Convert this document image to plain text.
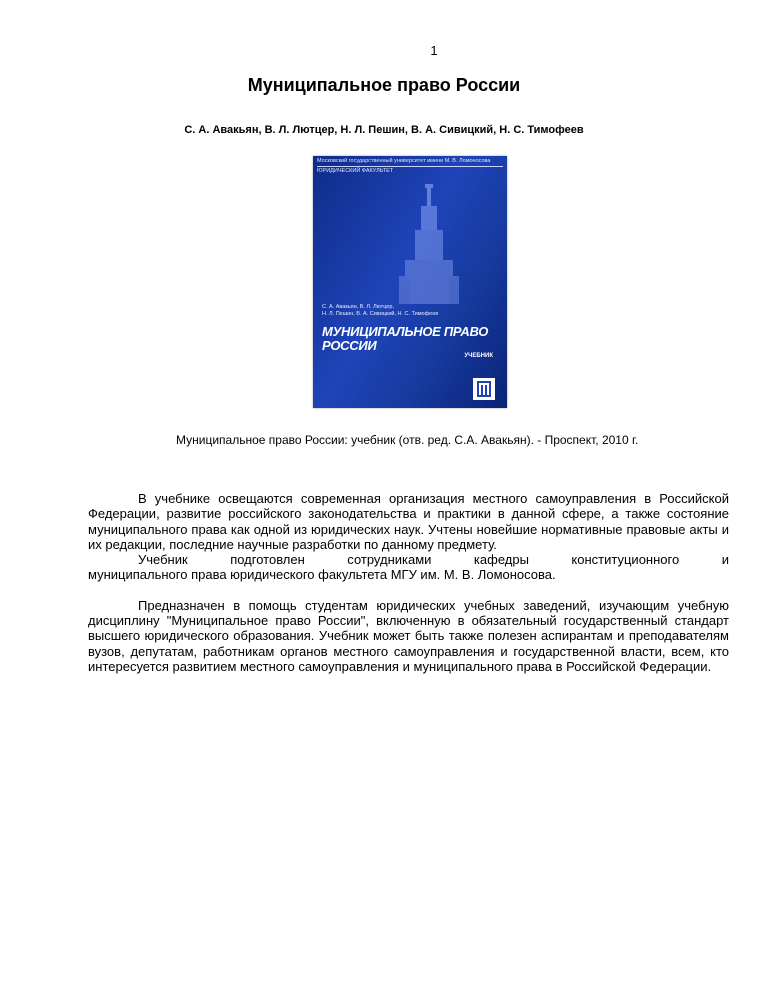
1
Муниципальное право России
С. А. Авакьян, В. Л. Лютцер, Н. Л. Пешин, В. А. Сивицкий, Н. С. Тимофеев
Московский государственный университет имени М. В. Ломоносова
ЮРИДИЧЕСКИЙ ФАКУЛЬТЕТ
С. А. Авакьян, В. Л. Лютцер,
Н. Л. Пешин, В. А. Сивицкий, Н. С. Тимофеев
МУНИЦИПАЛЬНОЕ ПРАВО
РОССИИ
УЧЕБНИК
Муниципальное право России: учебник (отв. ред. С.А. Авакьян). - Проспект, 2010 г.

В учебнике освещаются современная организация местного самоуправления в Российской Федерации, развитие российского законодательства и практики в данной сфере, а также состояние муниципального права как одной из юридических наук. Учтены новейшие нормативные правовые акты и их редакции, последние научные разработки по данному предмету.

Учебник	подготовлен	сотрудниками	кафедры	конституционного	и
муниципального права юридического факультета МГУ им. М. В. Ломоносова.

Предназначен в помощь студентам юридических учебных заведений, изучающим учебную дисциплину "Муниципальное право России", включенную в обязательный государственный стандарт высшего юридического образования. Учебник может быть также полезен аспирантам и преподавателям вузов, депутатам, работникам органов местного самоуправления и государственной власти, всем, кто интересуется развитием местного самоуправления и муниципального права в Российской Федерации.
